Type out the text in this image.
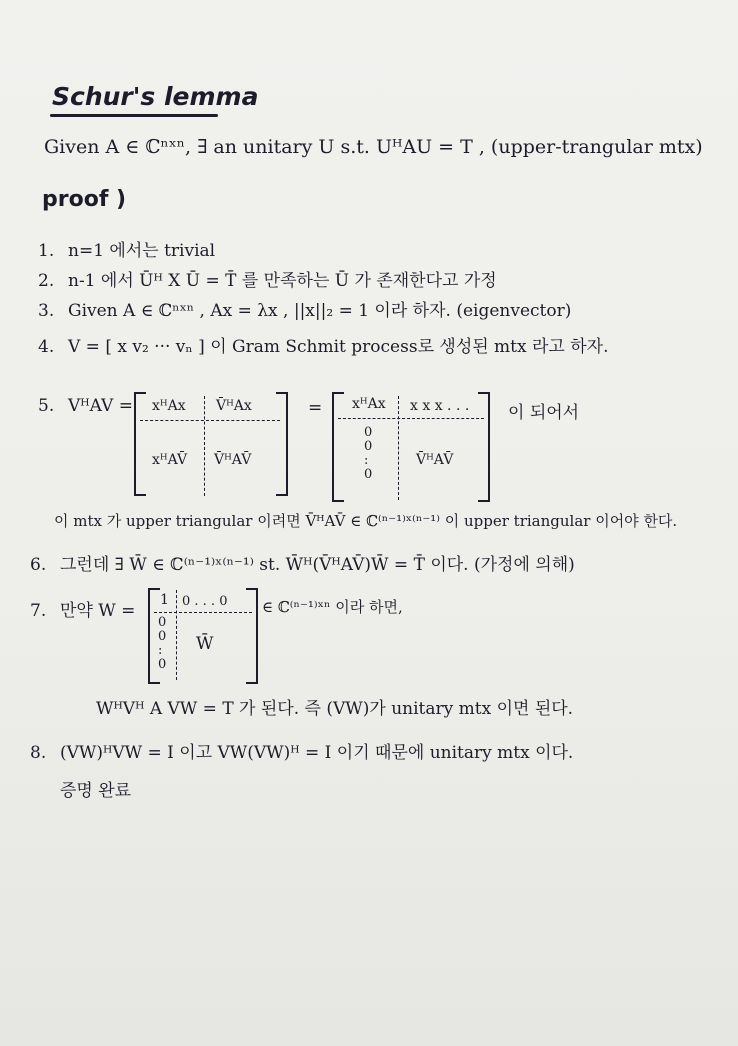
Schur's lemma
Given A ∈ ℂⁿˣⁿ, ∃ an unitary U s.t. UᴴAU = T , (upper-trangular mtx)
proof )
1. n=1 에서는 trivial
2. n-1 에서 Ūᴴ X Ū = T̄ 를 만족하는 Ū 가 존재한다고 가정
3. Given A ∈ ℂⁿˣⁿ , Ax = λx , ||x||₂ = 1 이라 하자. (eigenvector)
4. V = [ x v₂ ··· vₙ ] 이 Gram Schmit process로 생성된 mtx 라고 하자.
5. VᴴAV = xᴴAx V̄ᴴAx
xᴴAV̄ V̄ᴴAV̄
= xᴴAx x x x . . .
0
0
:
0
V̄ᴴAV̄
이 되어서
이 mtx 가 upper triangular 이려면 V̄ᴴAV̄ ∈ ℂ⁽ⁿ⁻¹⁾ˣ⁽ⁿ⁻¹⁾ 이 upper triangular 이어야 한다.
6. 그런데 ∃ W̄ ∈ ℂ⁽ⁿ⁻¹⁾ˣ⁽ⁿ⁻¹⁾ st. W̄ᴴ(V̄ᴴAV̄)W̄ = T̄ 이다. (가정에 의해)
7. 만약 W =
1 0 . . . 0
0
0
:
0
W̄
∈ ℂ⁽ⁿ⁻¹⁾ˣⁿ 이라 하면,
WᴴVᴴ A VW = T 가 된다. 즉 (VW)가 unitary mtx 이면 된다.
8. (VW)ᴴVW = I 이고 VW(VW)ᴴ = I 이기 때문에 unitary mtx 이다.
증명 완료
